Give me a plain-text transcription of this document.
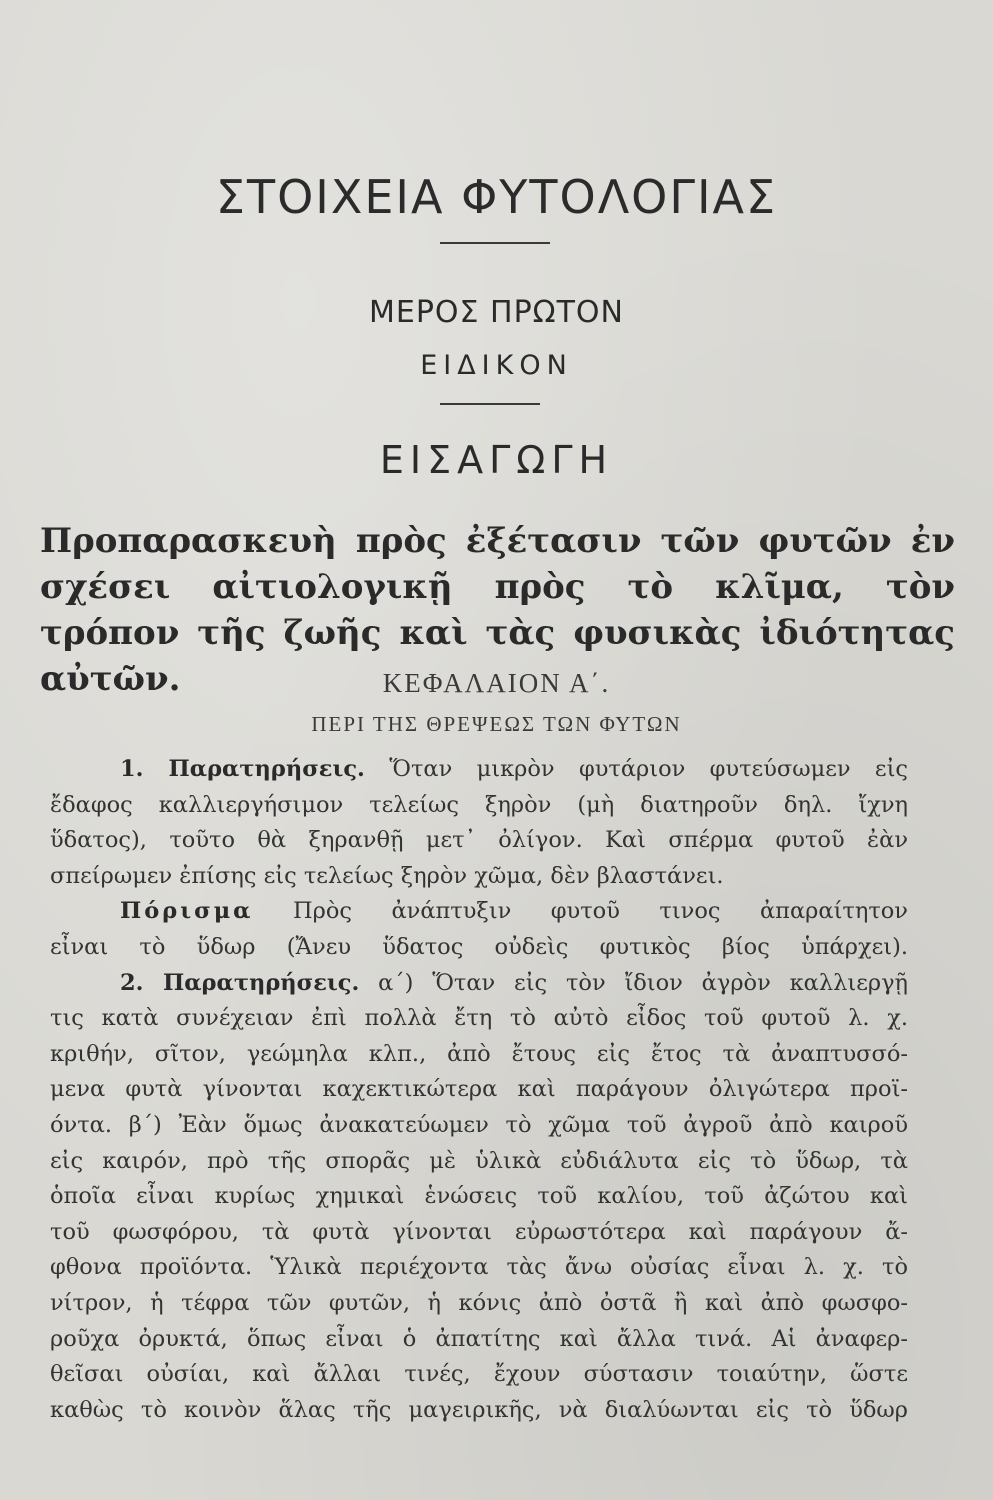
ΣΤΟΙΧΕΙΑ ΦΥΤΟΛΟΓΙΑΣ
ΜΕΡΟΣ ΠΡΩΤΟΝ
ΕΙΔΙΚΟΝ
ΕΙΣΑΓΩΓΗ
Προπαρασκευὴ πρὸς ἐξέτασιν τῶν φυτῶν ἐν σχέσει αἰτιολογικῇ πρὸς τὸ κλῖμα, τὸν τρόπον τῆς ζωῆς καὶ τὰς φυσικὰς ἰδιότητας αὐτῶν.	ΚΕΦΑΛΑΙΟΝ Α΄.
ΠΕΡΙ ΤΗΣ ΘΡΕΨΕΩΣ ΤΩΝ ΦΥΤΩΝ
1. Παρατηρήσεις. Ὅταν μικρὸν φυτάριον φυτεύσωμεν εἰς
ἔδαφος καλλιεργήσιμον τελείως ξηρὸν (μὴ διατηροῦν δηλ. ἴχνη
ὕδατος), τοῦτο θὰ ξηρανθῇ μετ᾽ ὀλίγον. Καὶ σπέρμα φυτοῦ ἐὰν
σπείρωμεν ἐπίσης εἰς τελείως ξηρὸν χῶμα, δὲν βλαστάνει.
Πόρισμα Πρὸς ἀνάπτυξιν φυτοῦ τινος ἀπαραίτητον
εἶναι τὸ ὕδωρ (Ἄνευ ὕδατος οὐδεὶς φυτικὸς βίος ὑπάρχει).
2. Παρατηρήσεις. α΄) Ὅταν εἰς τὸν ἴδιον ἀγρὸν καλλιεργῇ
τις κατὰ συνέχειαν ἐπὶ πολλὰ ἔτη τὸ αὐτὸ εἶδος τοῦ φυτοῦ λ. χ.
κριθήν, σῖτον, γεώμηλα κλπ., ἀπὸ ἔτους εἰς ἔτος τὰ ἀναπτυσσό-
μενα φυτὰ γίνονται καχεκτικώτερα καὶ παράγουν ὀλιγώτερα προϊ-
όντα. β΄) Ἐὰν ὅμως ἀνακατεύωμεν τὸ χῶμα τοῦ ἀγροῦ ἀπὸ καιροῦ
εἰς καιρόν, πρὸ τῆς σπορᾶς μὲ ὑλικὰ εὐδιάλυτα εἰς τὸ ὕδωρ, τὰ
ὁποῖα εἶναι κυρίως χημικαὶ ἑνώσεις τοῦ καλίου, τοῦ ἀζώτου καὶ
τοῦ φωσφόρου, τὰ φυτὰ γίνονται εὐρωστότερα καὶ παράγουν ἄ-
φθονα προϊόντα. Ὑλικὰ περιέχοντα τὰς ἄνω οὐσίας εἶναι λ. χ. τὸ
νίτρον, ἡ τέφρα τῶν φυτῶν, ἡ κόνις ἀπὸ ὀστᾶ ἢ καὶ ἀπὸ φωσφο-
ροῦχα ὀρυκτά, ὅπως εἶναι ὁ ἀπατίτης καὶ ἄλλα τινά. Αἱ ἀναφερ-
θεῖσαι οὐσίαι, καὶ ἄλλαι τινές, ἔχουν σύστασιν τοιαύτην, ὥστε
καθὼς τὸ κοινὸν ἅλας τῆς μαγειρικῆς, νὰ διαλύωνται εἰς τὸ ὕδωρ
